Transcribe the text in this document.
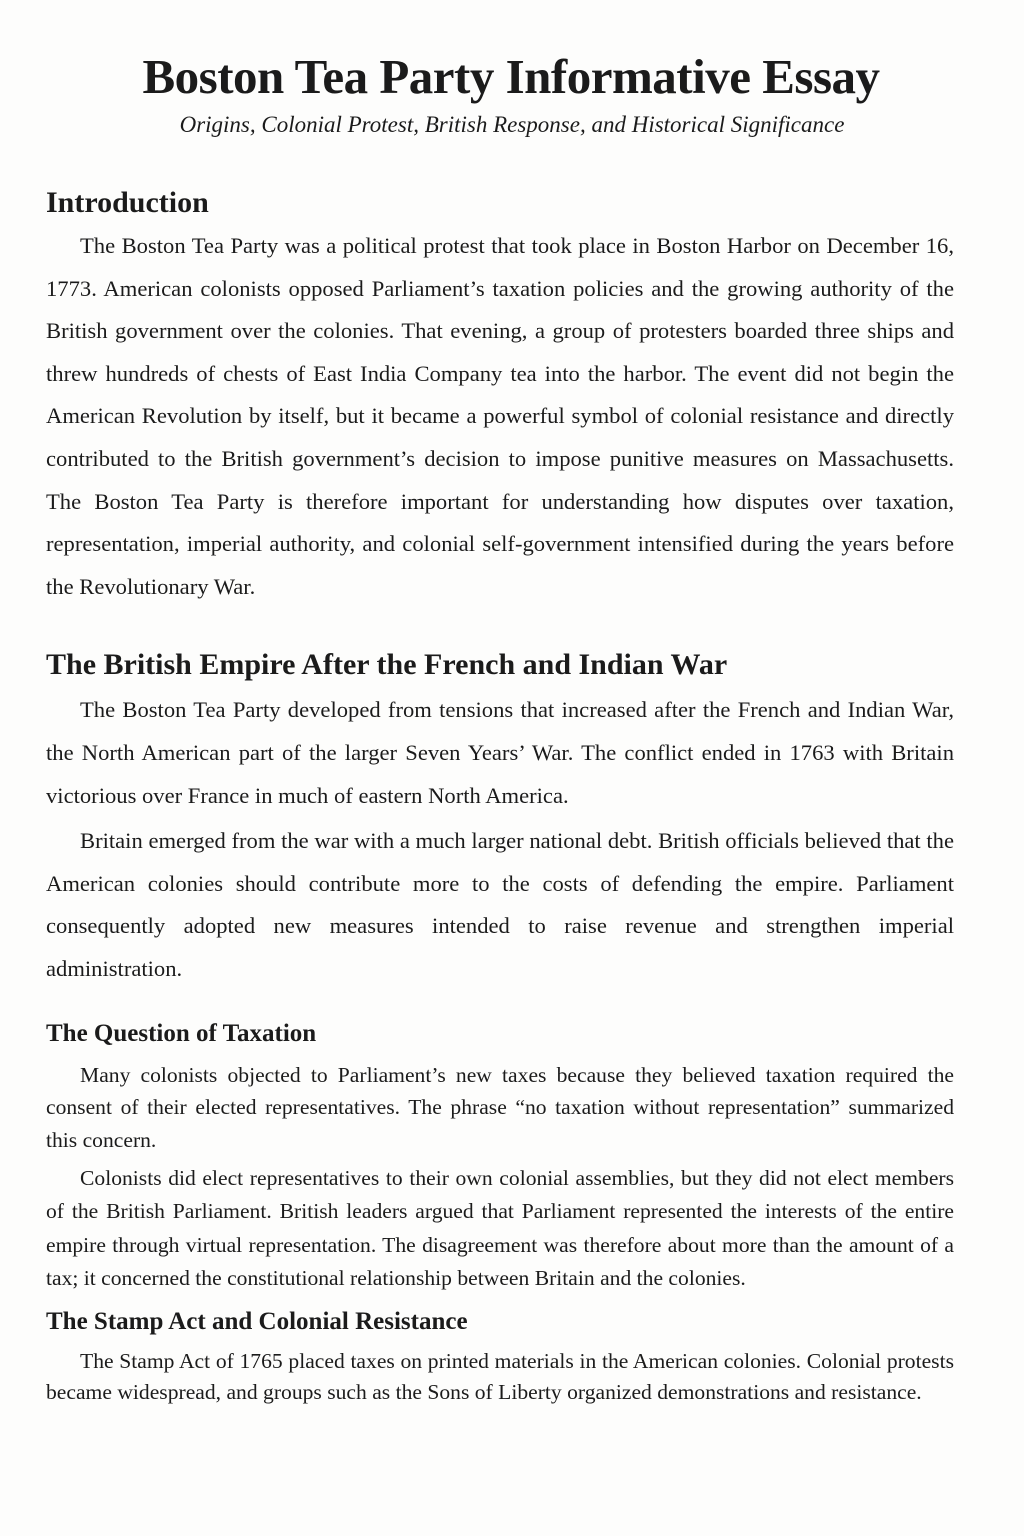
Boston Tea Party Informative Essay
Origins, Colonial Protest, British Response, and Historical Significance
Introduction

The Boston Tea Party was a political protest that took place in Boston Harbor on December 16, 1773. American colonists opposed Parliament’s taxation policies and the growing authority of the British government over the colonies. That evening, a group of protesters boarded three ships and threw hundreds of chests of East India Company tea into the harbor. The event did not begin the American Revolution by itself, but it became a powerful symbol of colonial resistance and directly contributed to the British government’s decision to impose punitive measures on Massachusetts. The Boston Tea Party is therefore important for understanding how disputes over taxation, representation, imperial authority, and colonial self-government intensified during the years before the Revolutionary War.

The British Empire After the French and Indian War

The Boston Tea Party developed from tensions that increased after the French and Indian War, the North American part of the larger Seven Years’ War. The conflict ended in 1763 with Britain victorious over France in much of eastern North America.

Britain emerged from the war with a much larger national debt. British officials believed that the American colonies should contribute more to the costs of defending the empire. Parliament consequently adopted new measures intended to raise revenue and strengthen imperial administration.

The Question of Taxation

Many colonists objected to Parliament’s new taxes because they believed taxation required the consent of their elected representatives. The phrase “no taxation without representation” summarized this concern.

Colonists did elect representatives to their own colonial assemblies, but they did not elect members of the British Parliament. British leaders argued that Parliament represented the interests of the entire empire through virtual representation. The disagreement was therefore about more than the amount of a tax; it concerned the constitutional relationship between Britain and the colonies.

The Stamp Act and Colonial Resistance

The Stamp Act of 1765 placed taxes on printed materials in the American colonies. Colonial protests became widespread, and groups such as the Sons of Liberty organized demonstrations and resistance.
